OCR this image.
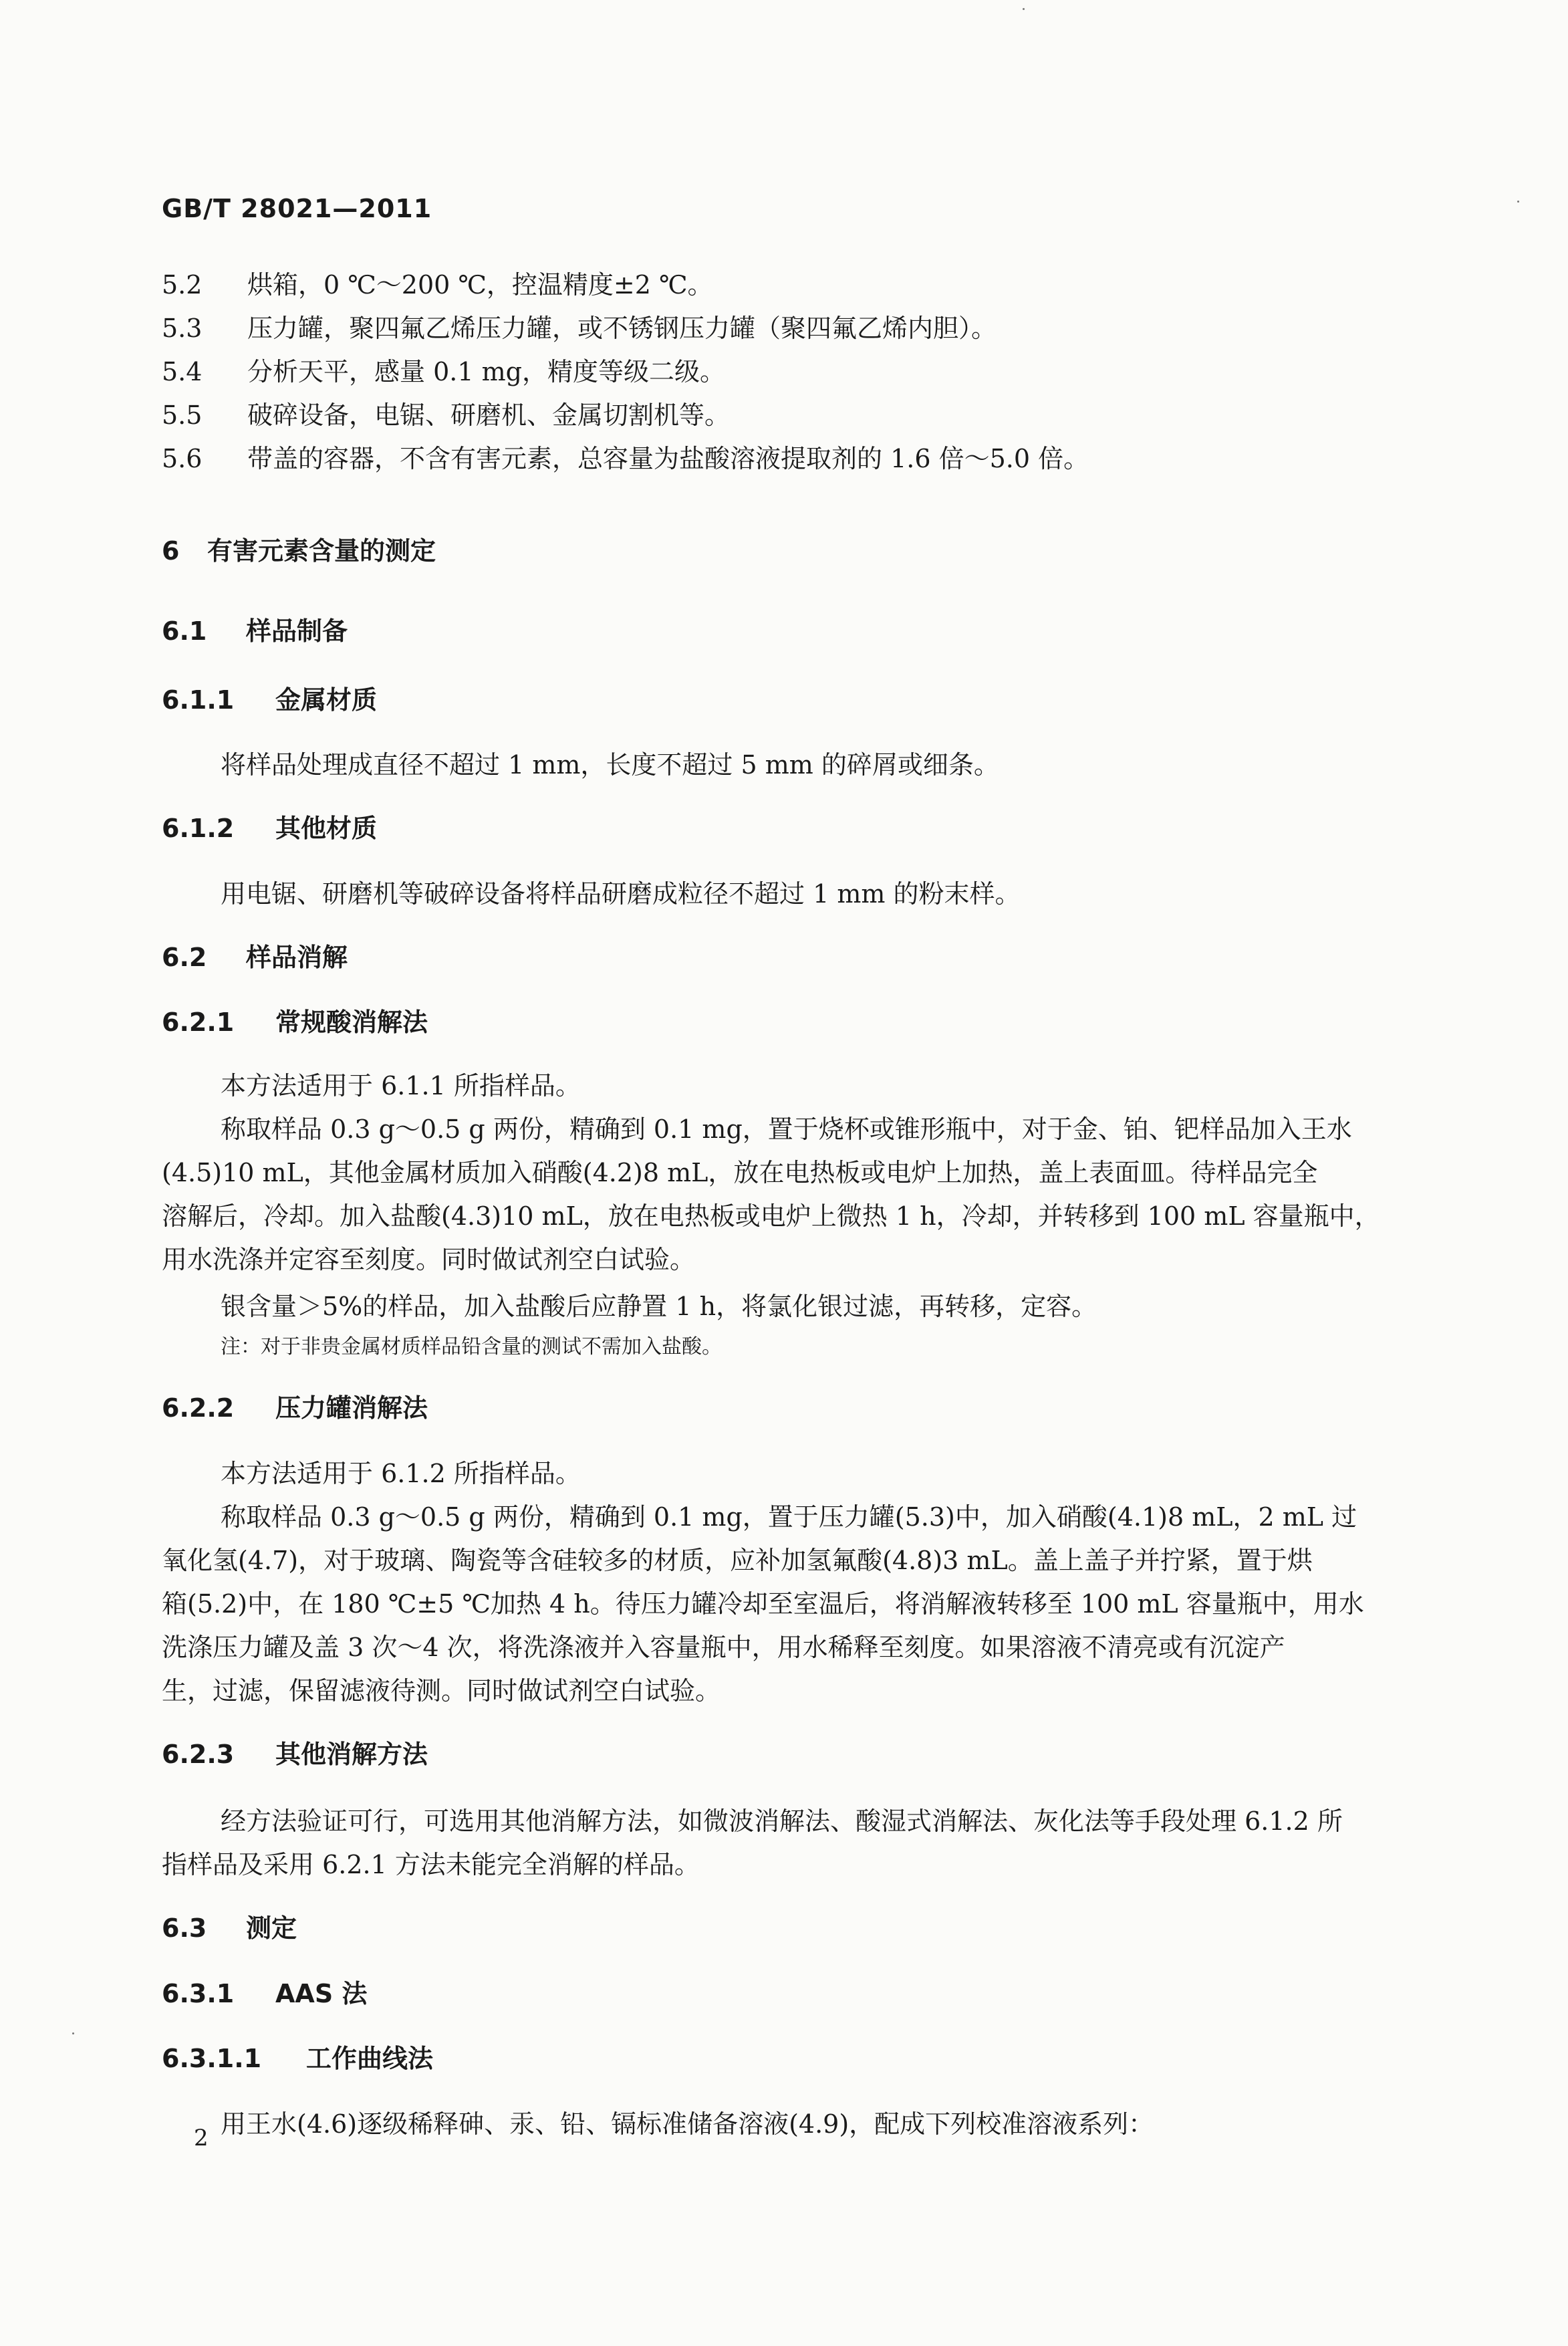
GB/T 28021—2011
5.2 烘箱，0 ℃～200 ℃，控温精度±2 ℃。
5.3 压力罐，聚四氟乙烯压力罐，或不锈钢压力罐（聚四氟乙烯内胆）。
5.4 分析天平，感量 0.1 mg，精度等级二级。
5.5 破碎设备，电锯、研磨机、金属切割机等。
5.6 带盖的容器，不含有害元素，总容量为盐酸溶液提取剂的 1.6 倍～5.0 倍。
6 有害元素含量的测定
6.1 样品制备
6.1.1 金属材质
将样品处理成直径不超过 1 mm，长度不超过 5 mm 的碎屑或细条。
6.1.2 其他材质
用电锯、研磨机等破碎设备将样品研磨成粒径不超过 1 mm 的粉末样。
6.2 样品消解
6.2.1 常规酸消解法
本方法适用于 6.1.1 所指样品。
称取样品 0.3 g～0.5 g 两份，精确到 0.1 mg，置于烧杯或锥形瓶中，对于金、铂、钯样品加入王水
(4.5)10 mL，其他金属材质加入硝酸(4.2)8 mL，放在电热板或电炉上加热，盖上表面皿。待样品完全
溶解后，冷却。加入盐酸(4.3)10 mL，放在电热板或电炉上微热 1 h，冷却，并转移到 100 mL 容量瓶中，
用水洗涤并定容至刻度。同时做试剂空白试验。
银含量＞5%的样品，加入盐酸后应静置 1 h，将氯化银过滤，再转移，定容。
注：对于非贵金属材质样品铅含量的测试不需加入盐酸。
6.2.2 压力罐消解法
本方法适用于 6.1.2 所指样品。
称取样品 0.3 g～0.5 g 两份，精确到 0.1 mg，置于压力罐(5.3)中，加入硝酸(4.1)8 mL，2 mL 过
氧化氢(4.7)，对于玻璃、陶瓷等含硅较多的材质，应补加氢氟酸(4.8)3 mL。盖上盖子并拧紧，置于烘
箱(5.2)中，在 180 ℃±5 ℃加热 4 h。待压力罐冷却至室温后，将消解液转移至 100 mL 容量瓶中，用水
洗涤压力罐及盖 3 次～4 次，将洗涤液并入容量瓶中，用水稀释至刻度。如果溶液不清亮或有沉淀产
生，过滤，保留滤液待测。同时做试剂空白试验。
6.2.3 其他消解方法
经方法验证可行，可选用其他消解方法，如微波消解法、酸湿式消解法、灰化法等手段处理 6.1.2 所
指样品及采用 6.2.1 方法未能完全消解的样品。
6.3 测定
6.3.1 AAS 法
6.3.1.1 工作曲线法
用王水(4.6)逐级稀释砷、汞、铅、镉标准储备溶液(4.9)，配成下列校准溶液系列：
2
